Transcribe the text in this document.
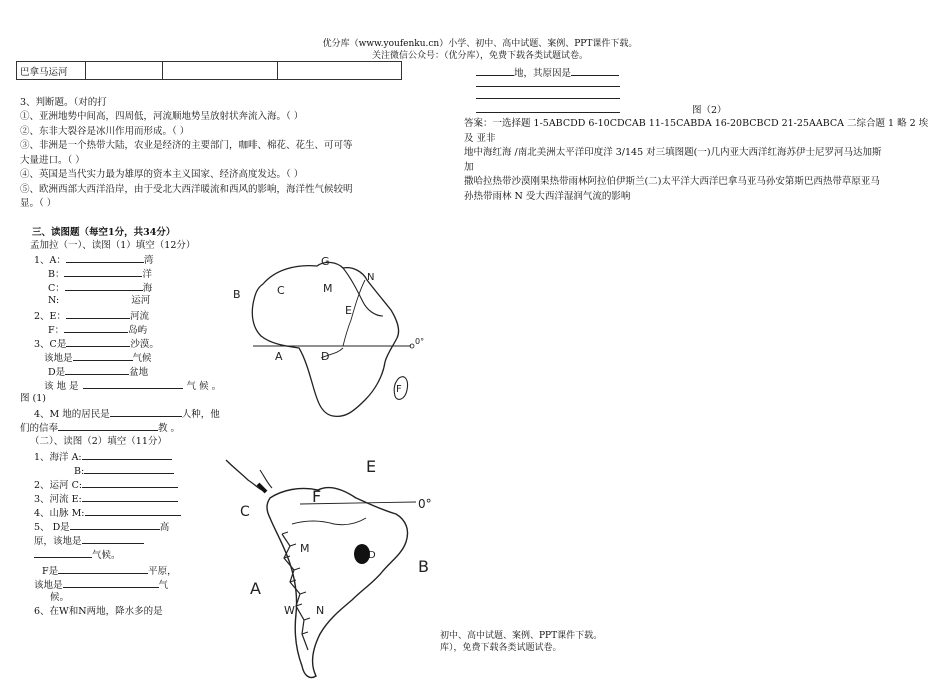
优分库（www.youfenku.cn）小学、初中、高中试题、案例、PPT课件下载。
关注微信公众号：（优分库），免费下载各类试题试卷。
巴拿马运河			
3、判断题。（对的打
①、亚洲地势中间高，四周低，河流顺地势呈放射状奔流入海。（ ）
②、东非大裂谷是冰川作用而形成。（ ）
③、非洲是一个热带大陆，农业是经济的主要部门，咖啡、棉花、花生、可可等
大量进口。（ ）
④、英国是当代实力最为雄厚的资本主义国家、经济高度发达。（ ）
⑤、欧洲西部大西洋沿岸，由于受北大西洋暖流和西风的影响，海洋性气候较明
显。（ ）
三、读图题（每空1分，共34分）
孟加拉（一）、读图（1）填空（12分）
1、A：	湾
B：	洋
C：	海
N:	运河
2、E：	河流
F：	岛屿
3、C是	沙漠。
该地是	气候
D是	盆地
该 地 是	气 候 。
图 (1)
4、M 地的居民是	人种，他
们的信奉	教 。
（二）、读图（2）填空（11分）
1、海洋 A:
B:
2、运河 C:
3、河流 E:
4、山脉 M:
5、 D是	高
原，该地是
气候。
F是	平原，
该地是	气
候。
6、在W和N两地，降水多的是
G
N
B	C	M
E
A	D
F
0°
E
F
C	0°
M
D
B
A
W N
地，其原因是
图（2）
答案：一选择题 1-5ABCDD 6-10CDCAB 11-15CABDA 16-20BCBCD 21-25AABCA 二综合题 1 略 2 埃及 亚非
地中海红海 /南北美洲太平洋印度洋 3/145 对三填图题(一)几内亚大西洋红海苏伊士尼罗河马达加斯
加
撒哈拉热带沙漠刚果热带雨林阿拉伯伊斯兰(二)太平洋大西洋巴拿马亚马孙安第斯巴西热带草原亚马
孙热带雨林 N 受大西洋湿润气流的影响
初中、高中试题、案例、PPT课件下载。
库），免费下载各类试题试卷。
